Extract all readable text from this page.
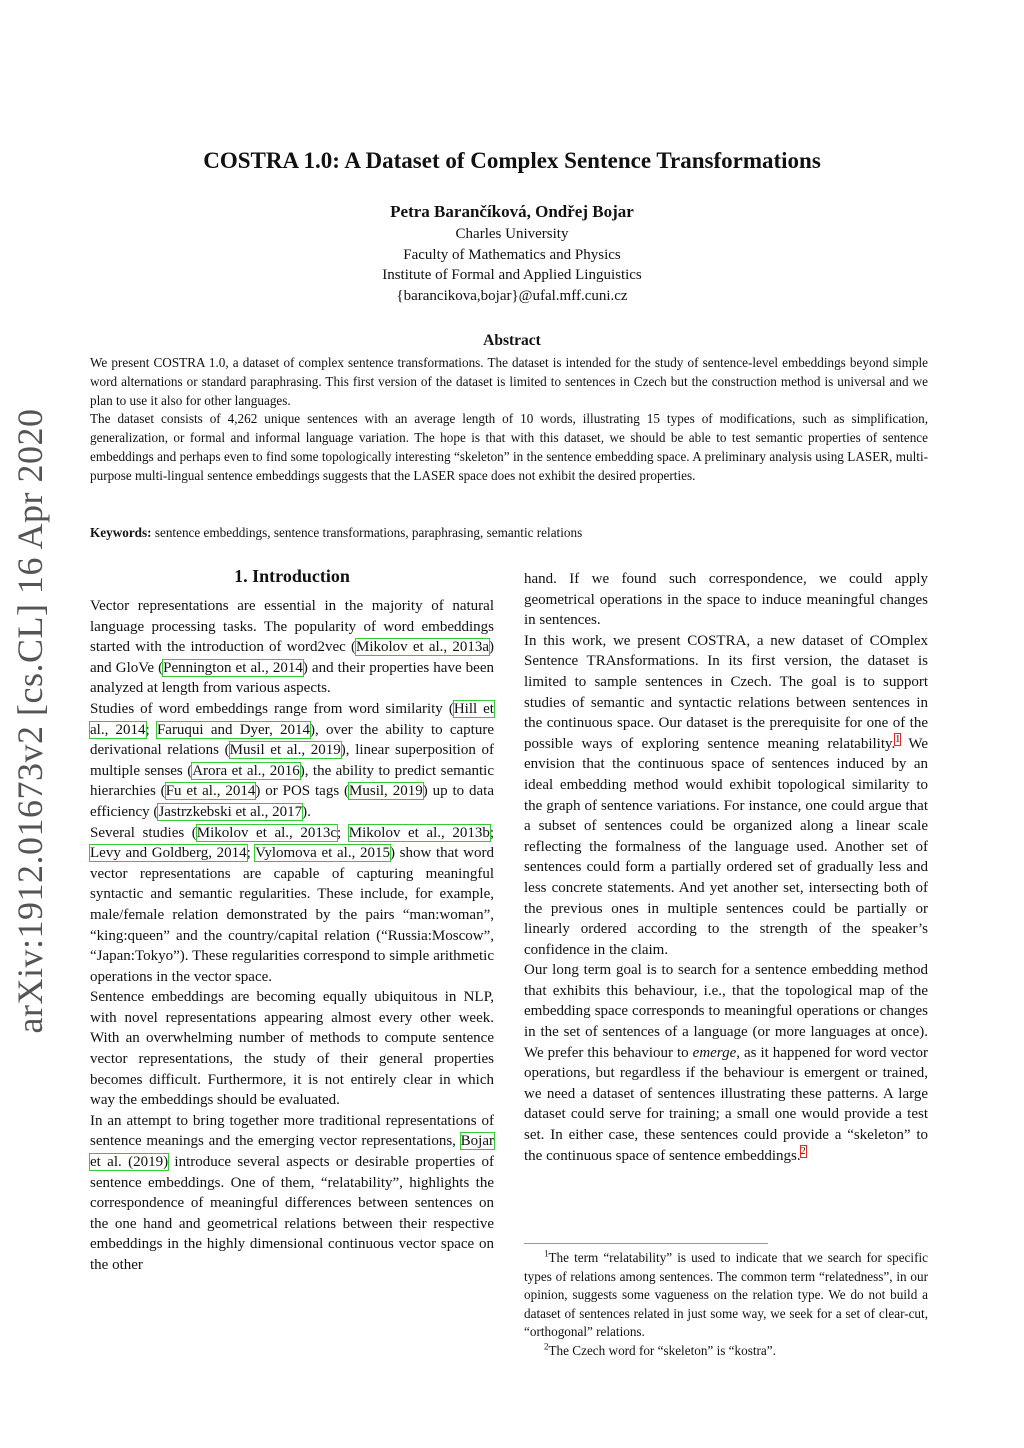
arXiv:1912.01673v2 [cs.CL] 16 Apr 2020
COSTRA 1.0: A Dataset of Complex Sentence Transformations
Petra Barančíková, Ondřej Bojar
Charles University
Faculty of Mathematics and Physics
Institute of Formal and Applied Linguistics
{barancikova,bojar}@ufal.mff.cuni.cz
Abstract

We present COSTRA 1.0, a dataset of complex sentence transformations. The dataset is intended for the study of sentence-level embeddings beyond simple word alternations or standard paraphrasing. This first version of the dataset is limited to sentences in Czech but the construction method is universal and we plan to use it also for other languages.

The dataset consists of 4,262 unique sentences with an average length of 10 words, illustrating 15 types of modifications, such as simplification, generalization, or formal and informal language variation. The hope is that with this dataset, we should be able to test semantic properties of sentence embeddings and perhaps even to find some topologically interesting “skeleton” in the sentence embedding space. A preliminary analysis using LASER, multi-purpose multi-lingual sentence embeddings suggests that the LASER space does not exhibit the desired properties.

Keywords: sentence embeddings, sentence transformations, paraphrasing, semantic relations
1. Introduction

Vector representations are essential in the majority of natural language processing tasks. The popularity of word embeddings started with the introduction of word2vec (Mikolov et al., 2013a) and GloVe (Pennington et al., 2014) and their properties have been analyzed at length from various aspects.

Studies of word embeddings range from word similarity (Hill et al., 2014; Faruqui and Dyer, 2014), over the ability to capture derivational relations (Musil et al., 2019), linear superposition of multiple senses (Arora et al., 2016), the ability to predict semantic hierarchies (Fu et al., 2014) or POS tags (Musil, 2019) up to data efficiency (Jastrzkebski et al., 2017).

Several studies (Mikolov et al., 2013c; Mikolov et al., 2013b; Levy and Goldberg, 2014; Vylomova et al., 2015) show that word vector representations are capable of capturing meaningful syntactic and semantic regularities. These include, for example, male/female relation demonstrated by the pairs “man:woman”, “king:queen” and the country/capital relation (“Russia:Moscow”, “Japan:Tokyo”). These regularities correspond to simple arithmetic operations in the vector space.

Sentence embeddings are becoming equally ubiquitous in NLP, with novel representations appearing almost every other week. With an overwhelming number of methods to compute sentence vector representations, the study of their general properties becomes difficult. Furthermore, it is not entirely clear in which way the embeddings should be evaluated.

In an attempt to bring together more traditional representations of sentence meanings and the emerging vector representations, Bojar et al. (2019) introduce several aspects or desirable properties of sentence embeddings. One of them, “relatability”, highlights the correspondence of meaningful differences between sentences on the one hand and geometrical relations between their respective embeddings in the highly dimensional continuous vector space on the other

hand. If we found such correspondence, we could apply geometrical operations in the space to induce meaningful changes in sentences.

In this work, we present COSTRA, a new dataset of COmplex Sentence TRAnsformations. In its first version, the dataset is limited to sample sentences in Czech. The goal is to support studies of semantic and syntactic relations between sentences in the continuous space. Our dataset is the prerequisite for one of the possible ways of exploring sentence meaning relatability.$^1$ We envision that the continuous space of sentences induced by an ideal embedding method would exhibit topological similarity to the graph of sentence variations. For instance, one could argue that a subset of sentences could be organized along a linear scale reflecting the formalness of the language used. Another set of sentences could form a partially ordered set of gradually less and less concrete statements. And yet another set, intersecting both of the previous ones in multiple sentences could be partially or linearly ordered according to the strength of the speaker’s confidence in the claim.

Our long term goal is to search for a sentence embedding method that exhibits this behaviour, i.e., that the topological map of the embedding space corresponds to meaningful operations or changes in the set of sentences of a language (or more languages at once). We prefer this behaviour to emerge, as it happened for word vector operations, but regardless if the behaviour is emergent or trained, we need a dataset of sentences illustrating these patterns. A large dataset could serve for training; a small one would provide a test set. In either case, these sentences could provide a “skeleton” to the continuous space of sentence embeddings.$^2$

$^1$The term “relatability” is used to indicate that we search for specific types of relations among sentences. The common term “relatedness”, in our opinion, suggests some vagueness on the relation type. We do not build a dataset of sentences related in just some way, we seek for a set of clear-cut, “orthogonal” relations.

$^2$The Czech word for “skeleton” is “kostra”.
